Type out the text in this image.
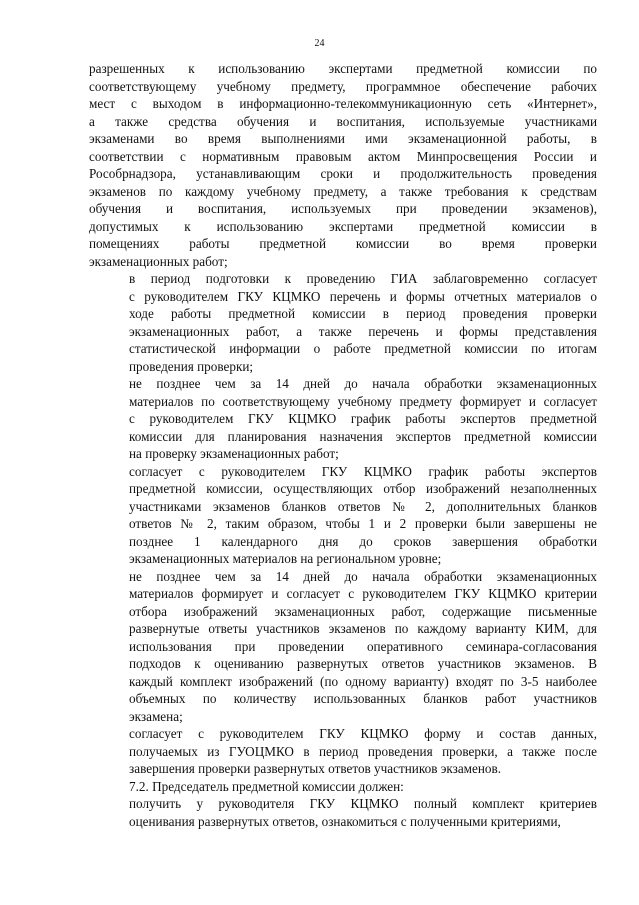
24

разрешенных к использованию экспертами предметной комиссии по
соответствующему учебному предмету, программное обеспечение рабочих
мест с выходом в информационно-телекоммуникационную сеть «Интернет»,
а также средства обучения и воспитания, используемые участниками
экзаменами во время выполнениями ими экзаменационной работы, в
соответствии с нормативным правовым актом Минпросвещения России и
Рособрнадзора, устанавливающим сроки и продолжительность проведения
экзаменов по каждому учебному предмету, а также требования к средствам
обучения и воспитания, используемых при проведении экзаменов),
допустимых к использованию экспертами предметной комиссии в
помещениях работы предметной комиссии во время проверки
экзаменационных работ;

в период подготовки к проведению ГИА заблаговременно согласует
с руководителем ГКУ КЦМКО перечень и формы отчетных материалов о
ходе работы предметной комиссии в период проведения проверки
экзаменационных работ, а также перечень и формы представления
статистической информации о работе предметной комиссии по итогам
проведения проверки;

не позднее чем за 14 дней до начала обработки экзаменационных
материалов по соответствующему учебному предмету формирует и согласует
с руководителем ГКУ КЦМКО график работы экспертов предметной
комиссии для планирования назначения экспертов предметной комиссии
на проверку экзаменационных работ;

согласует с руководителем ГКУ КЦМКО график работы экспертов
предметной комиссии, осуществляющих отбор изображений незаполненных
участниками экзаменов бланков ответов № 2, дополнительных бланков
ответов № 2, таким образом, чтобы 1 и 2 проверки были завершены не
позднее 1 календарного дня до сроков завершения обработки
экзаменационных материалов на региональном уровне;

не позднее чем за 14 дней до начала обработки экзаменационных
материалов формирует и согласует с руководителем ГКУ КЦМКО критерии
отбора изображений экзаменационных работ, содержащие письменные
развернутые ответы участников экзаменов по каждому варианту КИМ, для
использования при проведении оперативного семинара-согласования
подходов к оцениванию развернутых ответов участников экзаменов. В
каждый комплект изображений (по одному варианту) входят по 3-5 наиболее
объемных по количеству использованных бланков работ участников
экзамена;

согласует с руководителем ГКУ КЦМКО форму и состав данных,
получаемых из ГУОЦМКО в период проведения проверки, а также после
завершения проверки развернутых ответов участников экзаменов.

7.2. Председатель предметной комиссии должен:

получить у руководителя ГКУ КЦМКО полный комплект критериев
оценивания развернутых ответов, ознакомиться с полученными критериями,
